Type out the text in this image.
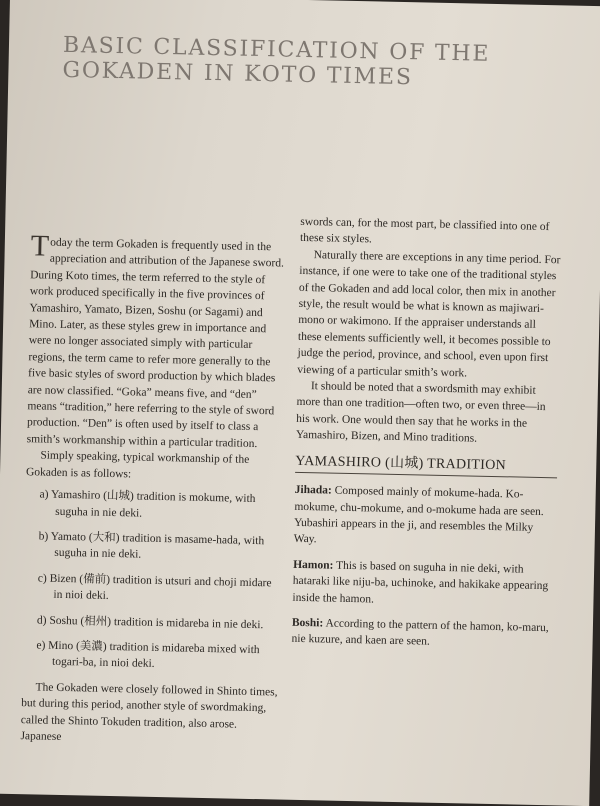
BASIC CLASSIFICATION OF THE GOKADEN IN KOTO TIMES

Today the term Gokaden is frequently used in the appreciation and attribution of the Japanese sword. During Koto times, the term referred to the style of work produced specifically in the five provinces of Yamashiro, Yamato, Bizen, Soshu (or Sagami) and Mino. Later, as these styles grew in importance and were no longer associated simply with particular regions, the term came to refer more generally to the five basic styles of sword production by which blades are now classified. “Goka” means five, and “den” means “tradition,” here referring to the style of sword production. “Den” is often used by itself to class a smith’s workmanship within a particular tradition.

Simply speaking, typical workmanship of the Gokaden is as follows:

a) Yamashiro (山城) tradition is mokume, with suguha in nie deki.
b) Yamato (大和) tradition is masame-hada, with suguha in nie deki.
c) Bizen (備前) tradition is utsuri and choji midare in nioi deki.
d) Soshu (相州) tradition is midareba in nie deki.
e) Mino (美濃) tradition is midareba mixed with togari-ba, in nioi deki.

The Gokaden were closely followed in Shinto times, but during this period, another style of swordmaking, called the Shinto Tokuden tradition, also arose. Japanese

swords can, for the most part, be classified into one of these six styles.

Naturally there are exceptions in any time period. For instance, if one were to take one of the traditional styles of the Gokaden and add local color, then mix in another style, the result would be what is known as majiwari-mono or wakimono. If the appraiser understands all these elements sufficiently well, it becomes possible to judge the period, province, and school, even upon first viewing of a particular smith’s work.

It should be noted that a swordsmith may exhibit more than one tradition—often two, or even three—in his work. One would then say that he works in the Yamashiro, Bizen, and Mino traditions.

YAMASHIRO (山城) TRADITION

Jihada: Composed mainly of mokume-hada. Ko-mokume, chu-mokume, and o-mokume hada are seen. Yubashiri appears in the ji, and resembles the Milky Way.

Hamon: This is based on suguha in nie deki, with hataraki like niju-ba, uchinoke, and hakikake appearing inside the hamon.

Boshi: According to the pattern of the hamon, ko-maru, nie kuzure, and kaen are seen.
